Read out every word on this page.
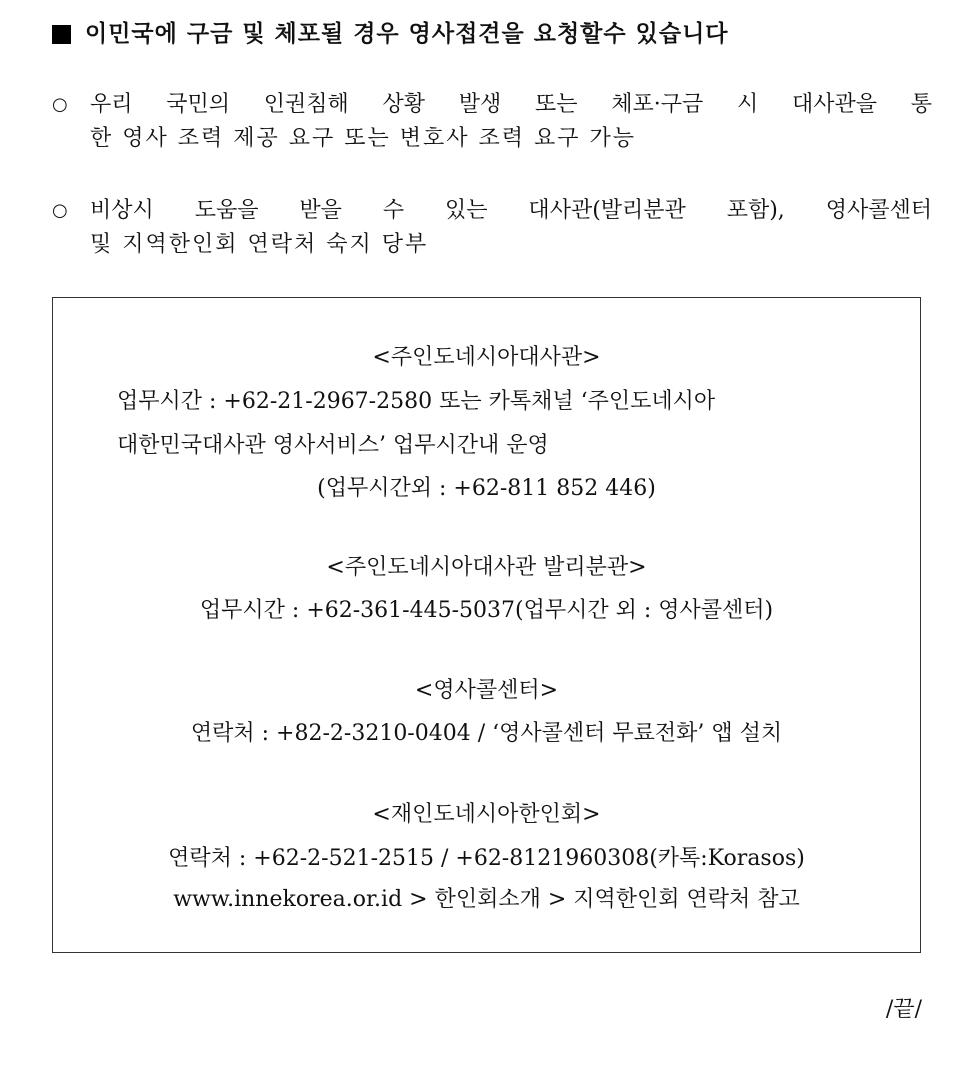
이민국에 구금 및 체포될 경우 영사접견을 요청할수 있습니다
○ 우리 국민의 인권침해 상황 발생 또는 체포·구금 시 대사관을 통
한 영사 조력 제공 요구 또는 변호사 조력 요구 가능
○ 비상시 도움을 받을 수 있는 대사관(발리분관 포함), 영사콜센터
및 지역한인회 연락처 숙지 당부
<주인도네시아대사관>
업무시간 : +62-21-2967-2580 또는 카톡채널 ‘주인도네시아
대한민국대사관 영사서비스’ 업무시간내 운영
(업무시간외 : +62-811 852 446)
<주인도네시아대사관 발리분관>
업무시간 : +62-361-445-5037(업무시간 외 : 영사콜센터)
<영사콜센터>
연락처 : +82-2-3210-0404 / ‘영사콜센터 무료전화’ 앱 설치
<재인도네시아한인회>
연락처 : +62-2-521-2515 / +62-8121960308(카톡:Korasos)
www.innekorea.or.id > 한인회소개 > 지역한인회 연락처 참고
/끝/
